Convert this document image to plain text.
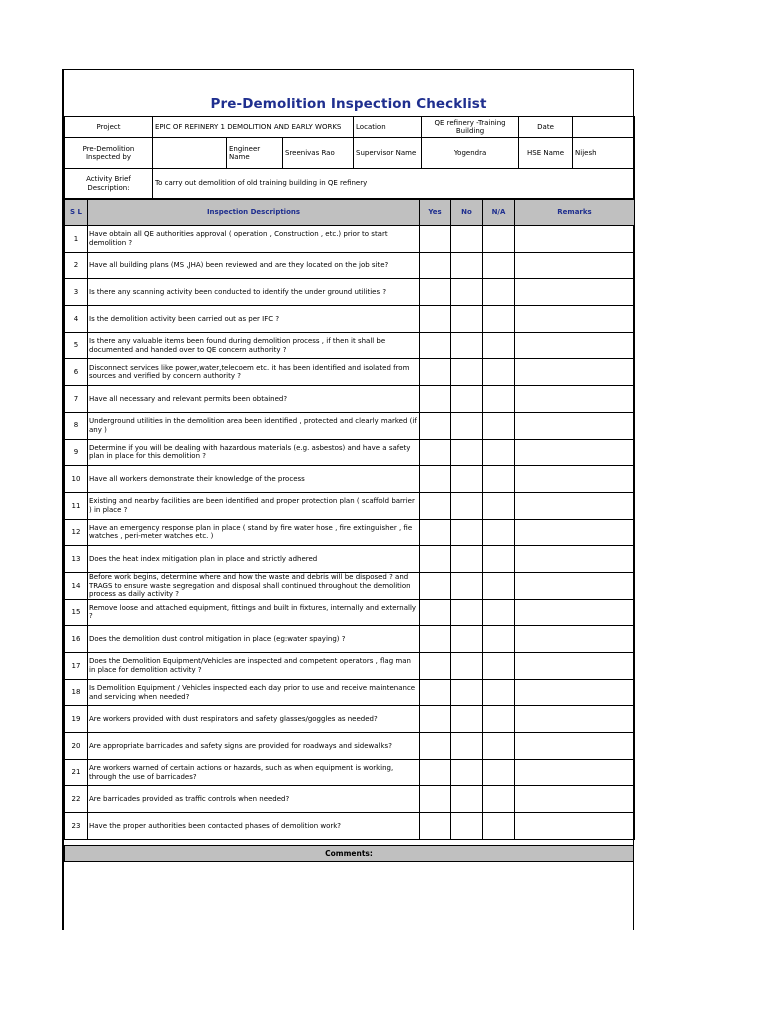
Pre-Demolition Inspection Checklist
Project	EPIC OF REFINERY 1 DEMOLITION AND EARLY WORKS			Location	QE refinery -Training Building	Date	
Pre-Demolition Inspected by		Engineer Name	Sreenivas Rao	Supervisor Name	Yogendra	HSE Name	Nijesh
Activity Brief Description:	To carry out demolition of old training building in QE refinery						
S L	Inspection Descriptions	Yes	No	N/A	Remarks
1	Have obtain all QE authorities approval ( operation , Construction , etc.) prior to start demolition ?				
2	Have all building plans (MS ,JHA) been reviewed and are they located on the job site?				
3	Is there any scanning activity been conducted to identify the under ground utilities ?				
4	Is the demolition activity been carried out as per IFC ?				
5	Is there any valuable items been found during demolition process , if then it shall be documented and handed over to QE concern authority ?				
6	Disconnect services like power,water,telecoem etc. it has been identified and isolated from sources and verified by concern authority ?				
7	Have all necessary and relevant permits been obtained?				
8	Underground utilities in the demolition area been identified , protected and clearly marked (if any )				
9	Determine if you will be dealing with hazardous materials (e.g. asbestos) and have a safety plan in place for this demolition ?				
10	Have all workers demonstrate their knowledge of the process				
11	Existing and nearby facilities are been identified and proper protection plan ( scaffold barrier ) in place ?				
12	Have an emergency response plan in place ( stand by fire water hose , fire extinguisher , fie watches , peri-meter watches etc. )				
13	Does the heat index mitigation plan in place and strictly adhered				
14	Before work begins, determine where and how the waste and debris will be disposed ? and TRAGS to ensure waste segregation and disposal shall continued throughout the demolition process as daily activity ?				
15	Remove loose and attached equipment, fittings and built in fixtures, internally and externally ?				
16	Does the demolition dust control mitigation in place (eg:water spaying) ?				
17	Does the Demolition Equipment/Vehicles are inspected and competent operators , flag man in place for demolition activity ?				
18	Is Demolition Equipment / Vehicles inspected each day prior to use and receive maintenance and servicing when needed?				
19	Are workers provided with dust respirators and safety glasses/goggles as needed?				
20	Are appropriate barricades and safety signs are provided for roadways and sidewalks?				
21	Are workers warned of certain actions or hazards, such as when equipment is working, through the use of barricades?				
22	Are barricades provided as traffic controls when needed?				
23	Have the proper authorities been contacted phases of demolition work?				
Comments:
